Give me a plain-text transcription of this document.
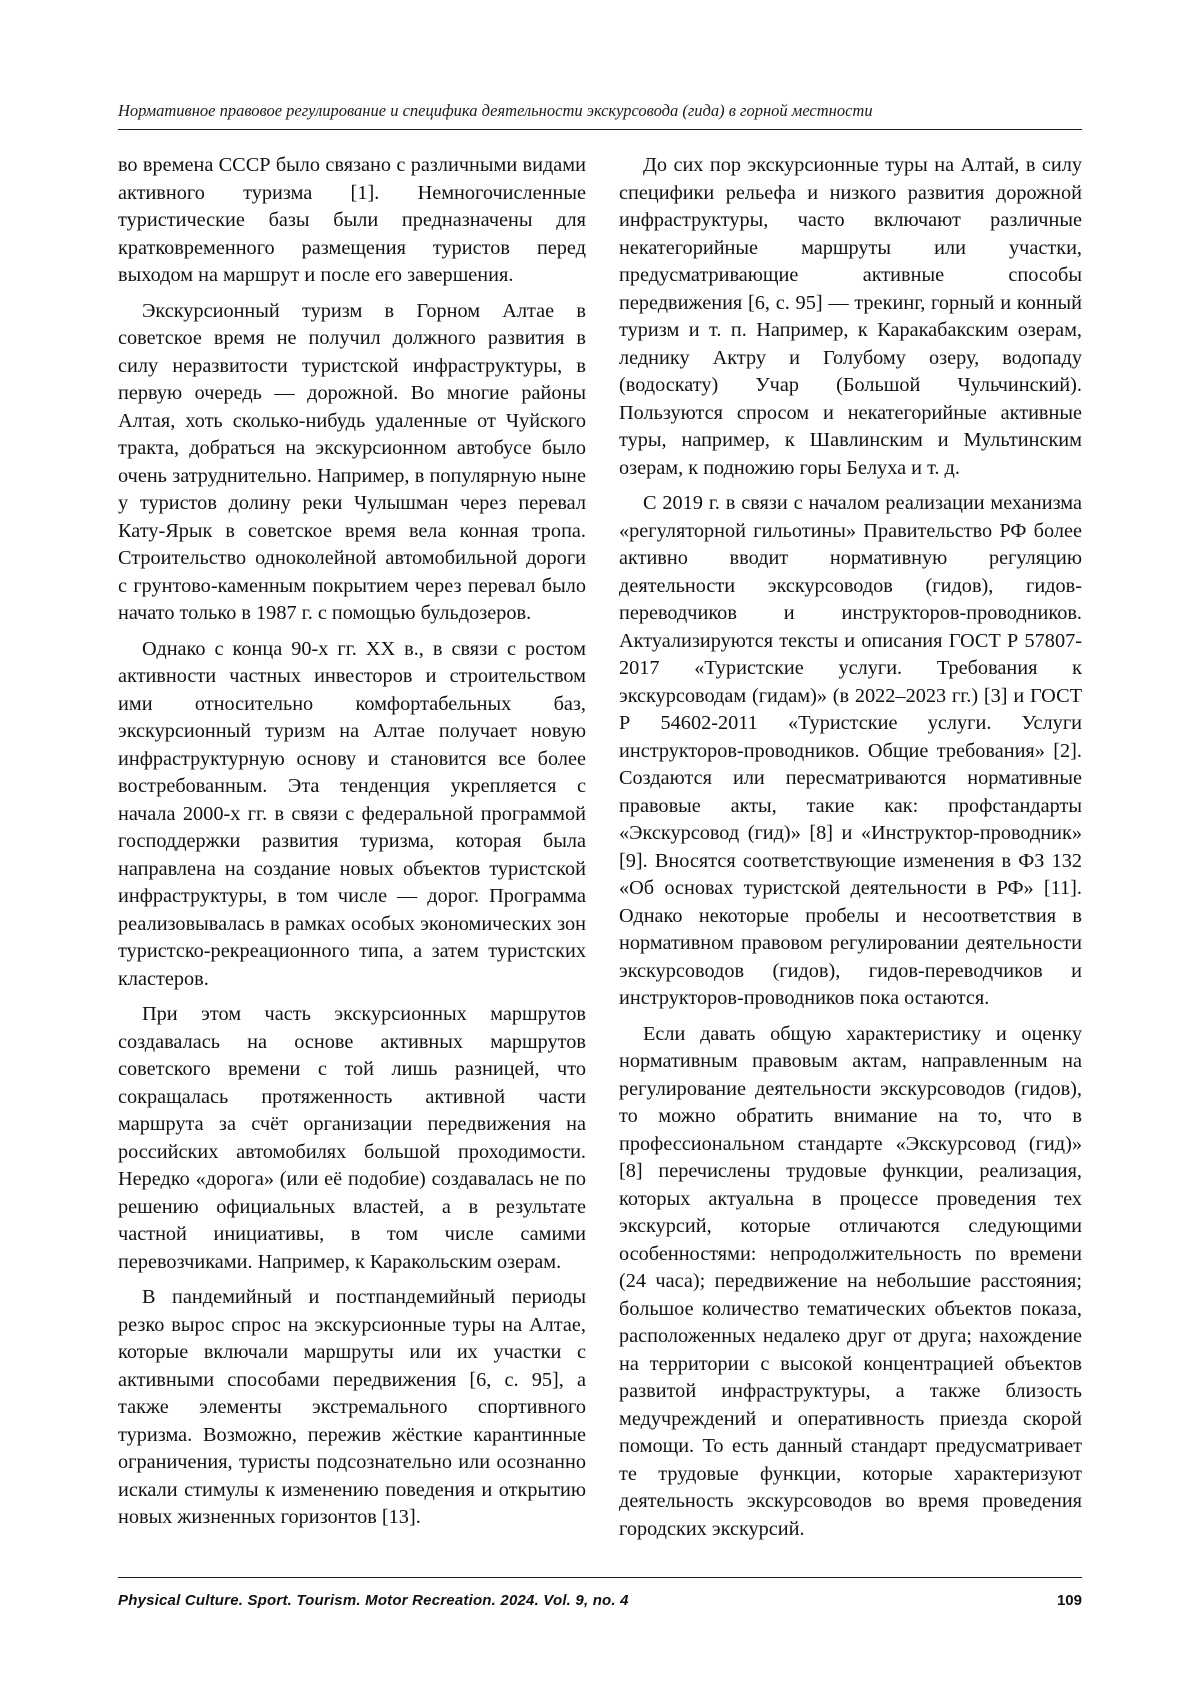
Нормативное правовое регулирование и специфика деятельности экскурсовода (гида) в горной местности

во времена СССР было связано с различными видами активного туризма [1]. Немногочисленные туристические базы были предназначены для кратковременного размещения туристов перед выходом на маршрут и после его завершения.

Экскурсионный туризм в Горном Алтае в советское время не получил должного развития в силу неразвитости туристской инфраструктуры, в первую очередь — дорожной. Во многие районы Алтая, хоть сколько-нибудь удаленные от Чуйского тракта, добраться на экскурсионном автобусе было очень затруднительно. Например, в популярную ныне у туристов долину реки Чулышман через перевал Кату-Ярык в советское время вела конная тропа. Строительство одноколейной автомобильной дороги с грунтово-каменным покрытием через перевал было начато только в 1987 г. с помощью бульдозеров.

Однако с конца 90-х гг. XX в., в связи с ростом активности частных инвесторов и строительством ими относительно комфортабельных баз, экскурсионный туризм на Алтае получает новую инфраструктурную основу и становится все более востребованным. Эта тенденция укрепляется с начала 2000-х гг. в связи с федеральной программой господдержки развития туризма, которая была направлена на создание новых объектов туристской инфраструктуры, в том числе — дорог. Программа реализовывалась в рамках особых экономических зон туристско-рекреационного типа, а затем туристских кластеров.

При этом часть экскурсионных маршрутов создавалась на основе активных маршрутов советского времени с той лишь разницей, что сокращалась протяженность активной части маршрута за счёт организации передвижения на российских автомобилях большой проходимости. Нередко «дорога» (или её подобие) создавалась не по решению официальных властей, а в результате частной инициативы, в том числе самими перевозчиками. Например, к Каракольским озерам.

В пандемийный и постпандемийный периоды резко вырос спрос на экскурсионные туры на Алтае, которые включали маршруты или их участки с активными способами передвижения [6, с. 95], а также элементы экстремального спортивного туризма. Возможно, пережив жёсткие карантинные ограничения, туристы подсознательно или осознанно искали стимулы к изменению поведения и открытию новых жизненных горизонтов [13].

До сих пор экскурсионные туры на Алтай, в силу специфики рельефа и низкого развития дорожной инфраструктуры, часто включают различные некатегорийные маршруты или участки, предусматривающие активные способы передвижения [6, с. 95] — трекинг, горный и конный туризм и т. п. Например, к Каракабакским озерам, леднику Актру и Голубому озеру, водопаду (водоскату) Учар (Большой Чульчинский). Пользуются спросом и некатегорийные активные туры, например, к Шавлинским и Мультинским озерам, к подножию горы Белуха и т. д.

С 2019 г. в связи с началом реализации механизма «регуляторной гильотины» Правительство РФ более активно вводит нормативную регуляцию деятельности экскурсоводов (гидов), гидов-переводчиков и инструкторов-проводников. Актуализируются тексты и описания ГОСТ Р 57807-2017 «Туристские услуги. Требования к экскурсоводам (гидам)» (в 2022–2023 гг.) [3] и ГОСТ Р 54602-2011 «Туристские услуги. Услуги инструкторов-проводников. Общие требования» [2]. Создаются или пересматриваются нормативные правовые акты, такие как: профстандарты «Экскурсовод (гид)» [8] и «Инструктор-проводник» [9]. Вносятся соответствующие изменения в ФЗ 132 «Об основах туристской деятельности в РФ» [11]. Однако некоторые пробелы и несоответствия в нормативном правовом регулировании деятельности экскурсоводов (гидов), гидов-переводчиков и инструкторов-проводников пока остаются.

Если давать общую характеристику и оценку нормативным правовым актам, направленным на регулирование деятельности экскурсоводов (гидов), то можно обратить внимание на то, что в профессиональном стандарте «Экскурсовод (гид)» [8] перечислены трудовые функции, реализация, которых актуальна в процессе проведения тех экскурсий, которые отличаются следующими особенностями: непродолжительность по времени (24 часа); передвижение на небольшие расстояния; большое количество тематических объектов показа, расположенных недалеко друг от друга; нахождение на территории с высокой концентрацией объектов развитой инфраструктуры, а также близость медучреждений и оперативность приезда скорой помощи. То есть данный стандарт предусматривает те трудовые функции, которые характеризуют деятельность экскурсоводов во время проведения городских экскурсий.

Physical Culture. Sport. Tourism. Motor Recreation. 2024. Vol. 9, no. 4	109
